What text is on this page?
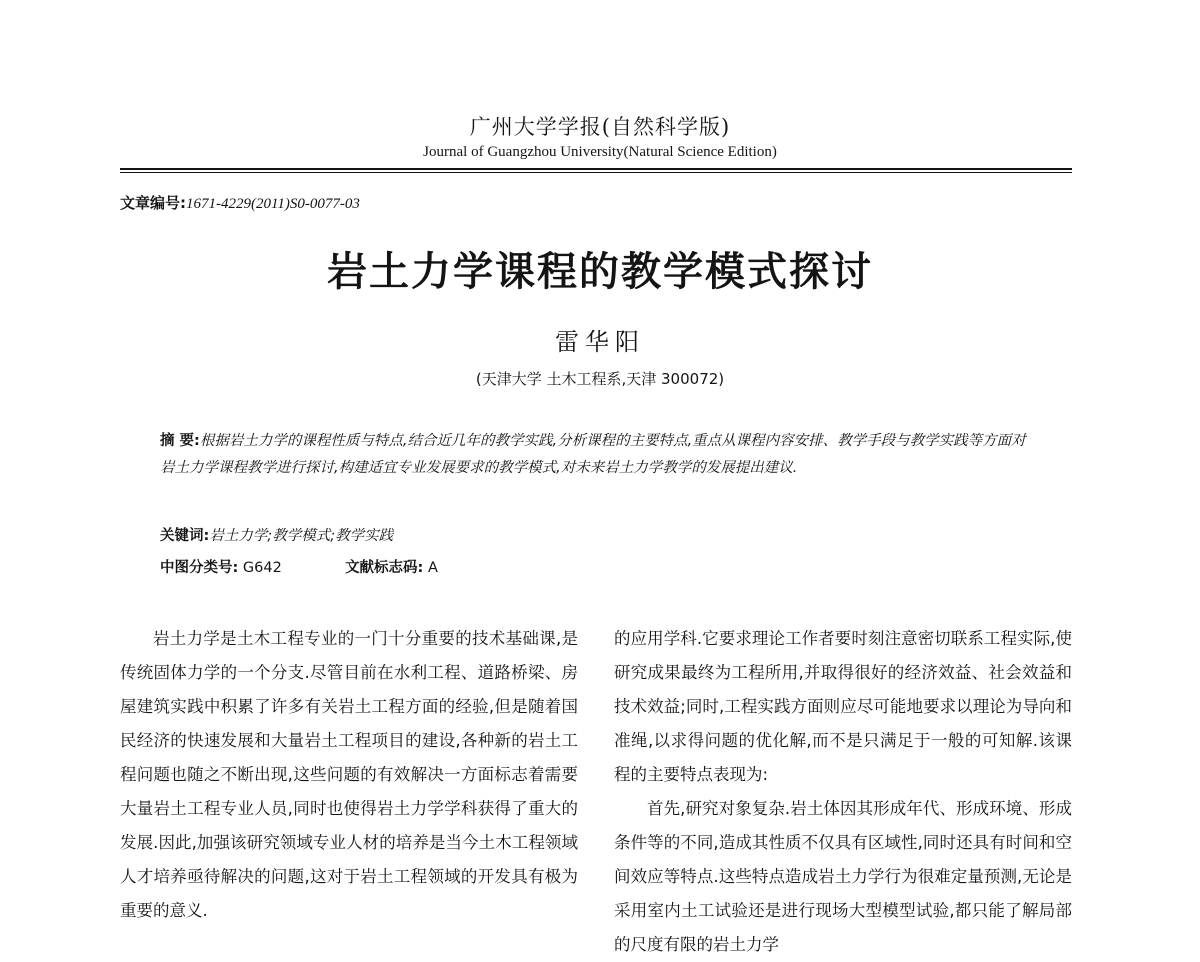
广州大学学报(自然科学版)
Journal of Guangzhou University(Natural Science Edition)
文章编号:1671-4229(2011)S0-0077-03
岩土力学课程的教学模式探讨
雷华阳
(天津大学 土木工程系,天津 300072)
摘 要:根据岩土力学的课程性质与特点,结合近几年的教学实践,分析课程的主要特点,重点从课程内容安排、教学手段与教学实践等方面对岩土力学课程教学进行探讨,构建适宜专业发展要求的教学模式,对未来岩土力学教学的发展提出建议.
关键词:岩土力学;教学模式;教学实践
中图分类号: G642	文献标志码: A

岩土力学是土木工程专业的一门十分重要的技术基础课,是传统固体力学的一个分支.尽管目前在水利工程、道路桥梁、房屋建筑实践中积累了许多有关岩土工程方面的经验,但是随着国民经济的快速发展和大量岩土工程项目的建设,各种新的岩土工程问题也随之不断出现,这些问题的有效解决一方面标志着需要大量岩土工程专业人员,同时也使得岩土力学学科获得了重大的发展.因此,加强该研究领域专业人材的培养是当今土木工程领域人才培养亟待解决的问题,这对于岩土工程领域的开发具有极为重要的意义.

的应用学科.它要求理论工作者要时刻注意密切联系工程实际,使研究成果最终为工程所用,并取得很好的经济效益、社会效益和技术效益;同时,工程实践方面则应尽可能地要求以理论为导向和准绳,以求得问题的优化解,而不是只满足于一般的可知解.该课程的主要特点表现为:

首先,研究对象复杂.岩土体因其形成年代、形成环境、形成条件等的不同,造成其性质不仅具有区域性,同时还具有时间和空间效应等特点.这些特点造成岩土力学行为很难定量预测,无论是采用室内土工试验还是进行现场大型模型试验,都只能了解局部的尺度有限的岩土力学
